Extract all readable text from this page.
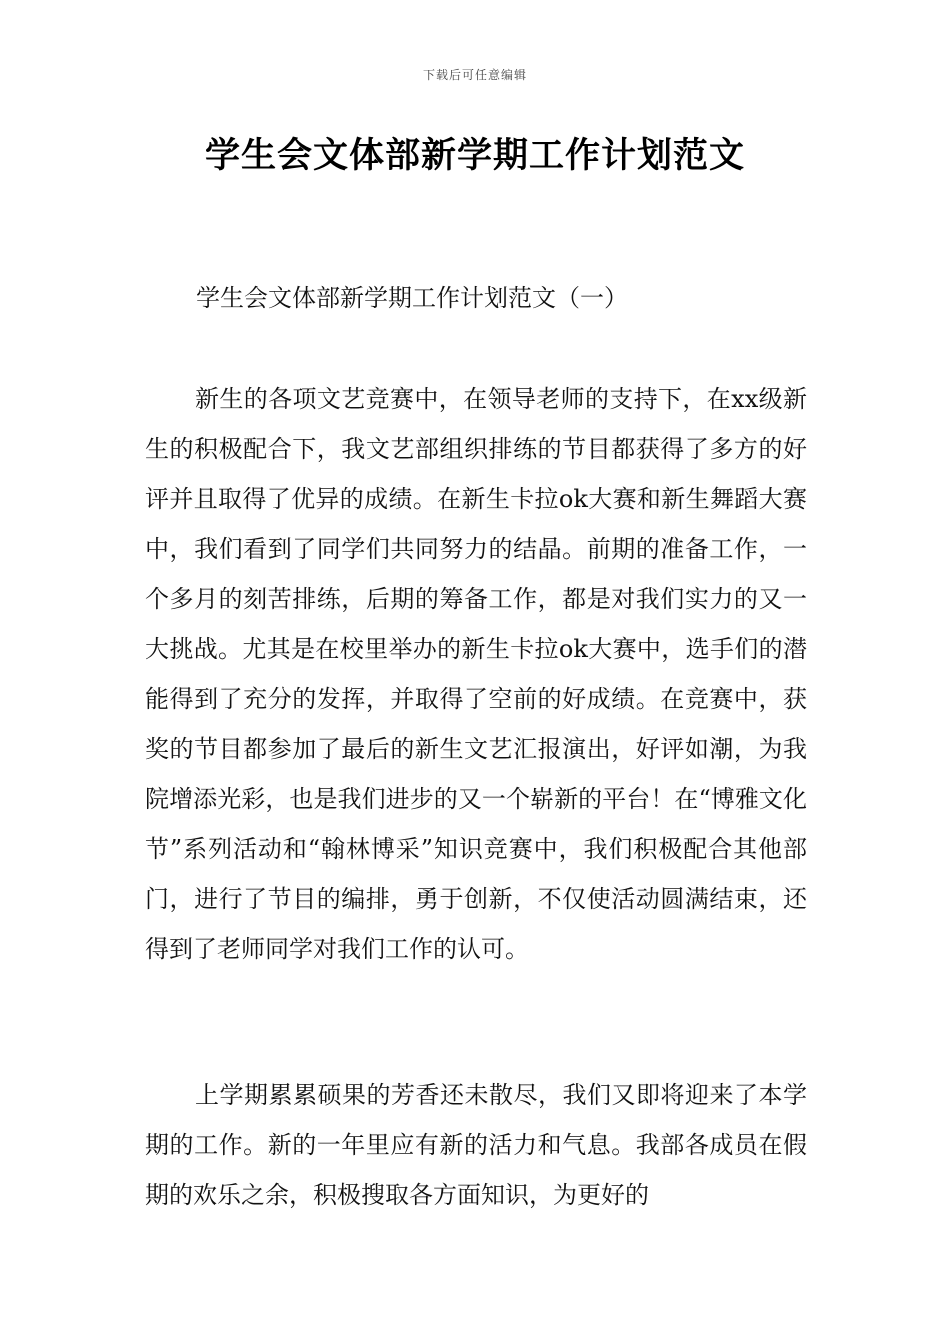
下载后可任意编辑
学生会文体部新学期工作计划范文

学生会文体部新学期工作计划范文（一）

新生的各项文艺竞赛中，在领导老师的支持下，在xx级新生的积极配合下，我文艺部组织排练的节目都获得了多方的好评并且取得了优异的成绩。在新生卡拉ok大赛和新生舞蹈大赛中，我们看到了同学们共同努力的结晶。前期的准备工作，一个多月的刻苦排练，后期的筹备工作，都是对我们实力的又一大挑战。尤其是在校里举办的新生卡拉ok大赛中，选手们的潜能得到了充分的发挥，并取得了空前的好成绩。在竞赛中，获奖的节目都参加了最后的新生文艺汇报演出，好评如潮，为我院增添光彩，也是我们进步的又一个崭新的平台！在“博雅文化节”系列活动和“翰林博采”知识竞赛中，我们积极配合其他部门，进行了节目的编排，勇于创新，不仅使活动圆满结束，还得到了老师同学对我们工作的认可。

上学期累累硕果的芳香还未散尽，我们又即将迎来了本学期的工作。新的一年里应有新的活力和气息。我部各成员在假期的欢乐之余，积极搜取各方面知识，为更好的
